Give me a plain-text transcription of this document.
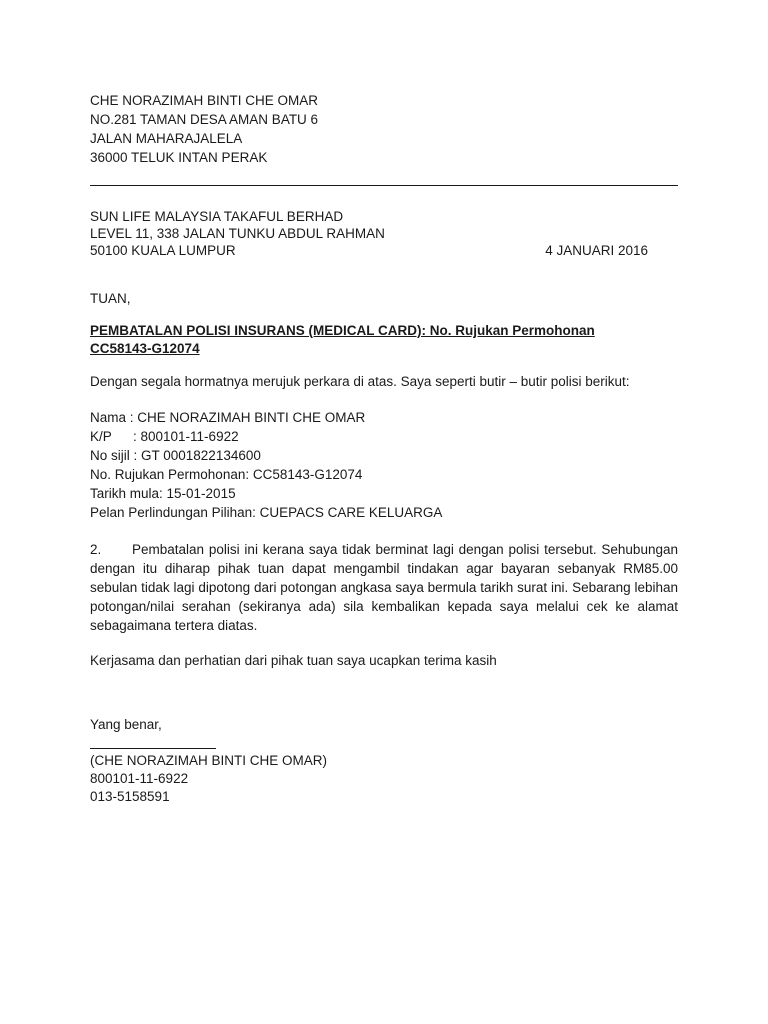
CHE NORAZIMAH BINTI CHE OMAR
NO.281 TAMAN DESA AMAN BATU 6
JALAN MAHARAJALELA
36000 TELUK INTAN PERAK
SUN LIFE MALAYSIA TAKAFUL BERHAD
LEVEL 11, 338 JALAN TUNKU ABDUL RAHMAN
50100 KUALA LUMPUR	4 JANUARI 2016
TUAN,
PEMBATALAN POLISI INSURANS (MEDICAL CARD): No. Rujukan Permohonan CC58143-G12074
Dengan segala hormatnya merujuk perkara di atas. Saya seperti butir – butir polisi berikut:
Nama : CHE NORAZIMAH BINTI CHE OMAR
K/P	: 800101-11-6922
No sijil : GT 0001822134600
No. Rujukan Permohonan: CC58143-G12074
Tarikh mula: 15-01-2015
Pelan Perlindungan Pilihan: CUEPACS CARE KELUARGA
2. Pembatalan polisi ini kerana saya tidak berminat lagi dengan polisi tersebut. Sehubungan dengan itu diharap pihak tuan dapat mengambil tindakan agar bayaran sebanyak RM85.00 sebulan tidak lagi dipotong dari potongan angkasa saya bermula tarikh surat ini. Sebarang lebihan potongan/nilai serahan (sekiranya ada) sila kembalikan kepada saya melalui cek ke alamat sebagaimana tertera diatas.
Kerjasama dan perhatian dari pihak tuan saya ucapkan terima kasih
Yang benar,
(CHE NORAZIMAH BINTI CHE OMAR)
800101-11-6922
013-5158591
